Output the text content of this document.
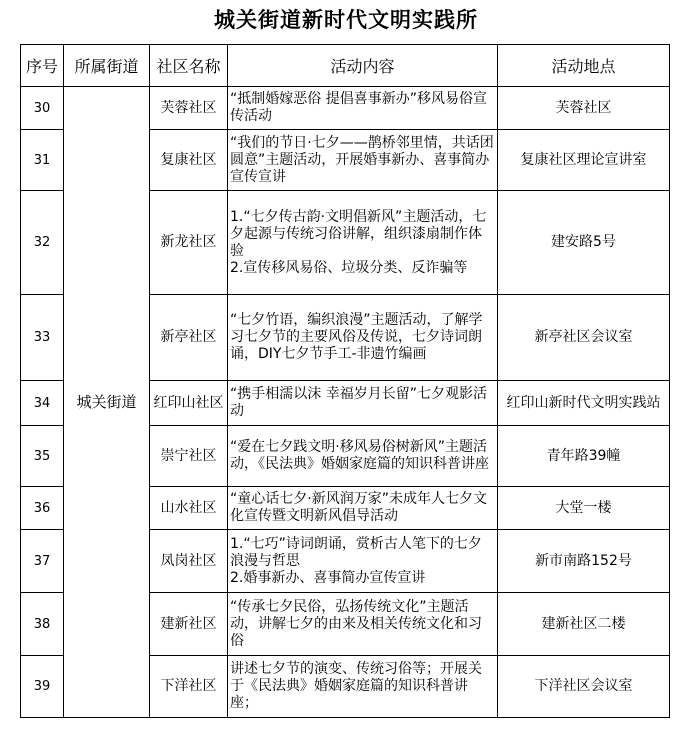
城关街道新时代文明实践所
序号	所属街道	社区名称	活动内容	活动地点
30	城关街道	芙蓉社区	“抵制婚嫁恶俗 提倡喜事新办”移风易俗宣传活动	芙蓉社区
31		复康社区	“我们的节日·七夕——鹊桥邻里情，共话团圆意”主题活动，开展婚事新办、喜事简办宣传宣讲	复康社区理论宣讲室
32		新龙社区	1.“七夕传古韵·文明倡新风”主题活动，七夕起源与传统习俗讲解，组织漆扇制作体验
2.宣传移风易俗、垃圾分类、反诈骗等	建安路5号
33		新亭社区	“七夕竹语，编织浪漫”主题活动，了解学习七夕节的主要风俗及传说，七夕诗词朗诵，DIY七夕节手工-非遗竹编画	新亭社区会议室
34		红印山社区	“携手相濡以沫 幸福岁月长留”七夕观影活动	红印山新时代文明实践站
35		崇宁社区	“爱在七夕践文明·移风易俗树新风”主题活动，《民法典》婚姻家庭篇的知识科普讲座	青年路39幢
36		山水社区	“童心话七夕·新风润万家”未成年人七夕文化宣传暨文明新风倡导活动	大堂一楼
37		凤岗社区	1.“七巧”诗词朗诵，赏析古人笔下的七夕浪漫与哲思
2.婚事新办、喜事简办宣传宣讲	新市南路152号
38		建新社区	“传承七夕民俗，弘扬传统文化”主题活动，讲解七夕的由来及相关传统文化和习俗	建新社区二楼
39		下洋社区	讲述七夕节的演变、传统习俗等；开展关于《民法典》婚姻家庭篇的知识科普讲座；	下洋社区会议室
